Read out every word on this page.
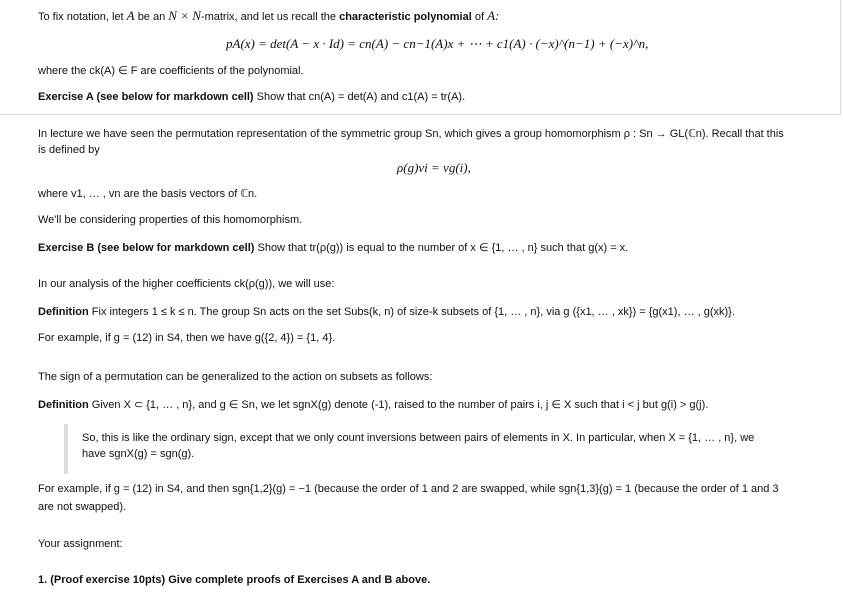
To fix notation, let A be an N × N-matrix, and let us recall the characteristic polynomial of A:
pA(x) = det(A − x · Id) = cn(A) − cn−1(A)x + ⋯ + c1(A) · (−x)^(n−1) + (−x)^n,
where the ck(A) ∈ F are coefficients of the polynomial.
Exercise A (see below for markdown cell) Show that cn(A) = det(A) and c1(A) = tr(A).
In lecture we have seen the permutation representation of the symmetric group Sn, which gives a group homomorphism ρ : Sn → GL(ℂn). Recall that this
is defined by
ρ(g)vi = vg(i),
where v1, … , vn are the basis vectors of ℂn.
We'll be considering properties of this homomorphism.
Exercise B (see below for markdown cell) Show that tr(ρ(g)) is equal to the number of x ∈ {1, … , n} such that g(x) = x.
In our analysis of the higher coefficients ck(ρ(g)), we will use:
Definition Fix integers 1 ≤ k ≤ n. The group Sn acts on the set Subs(k, n) of size-k subsets of {1, … , n}, via g ({x1, … , xk}) = {g(x1), … , g(xk)}.
For example, if g = (12) in S4, then we have g({2, 4}) = {1, 4}.
The sign of a permutation can be generalized to the action on subsets as follows:
Definition Given X ⊂ {1, … , n}, and g ∈ Sn, we let sgnX(g) denote (-1), raised to the number of pairs i, j ∈ X such that i < j but g(i) > g(j).
So, this is like the ordinary sign, except that we only count inversions between pairs of elements in X. In particular, when X = {1, … , n}, we
have sgnX(g) = sgn(g).
For example, if g = (12) in S4, and then sgn{1,2}(g) = −1 (because the order of 1 and 2 are swapped, while sgn{1,3}(g) = 1 (because the order of 1 and 3
are not swapped).
Your assignment:
1. (Proof exercise 10pts) Give complete proofs of Exercises A and B above.
